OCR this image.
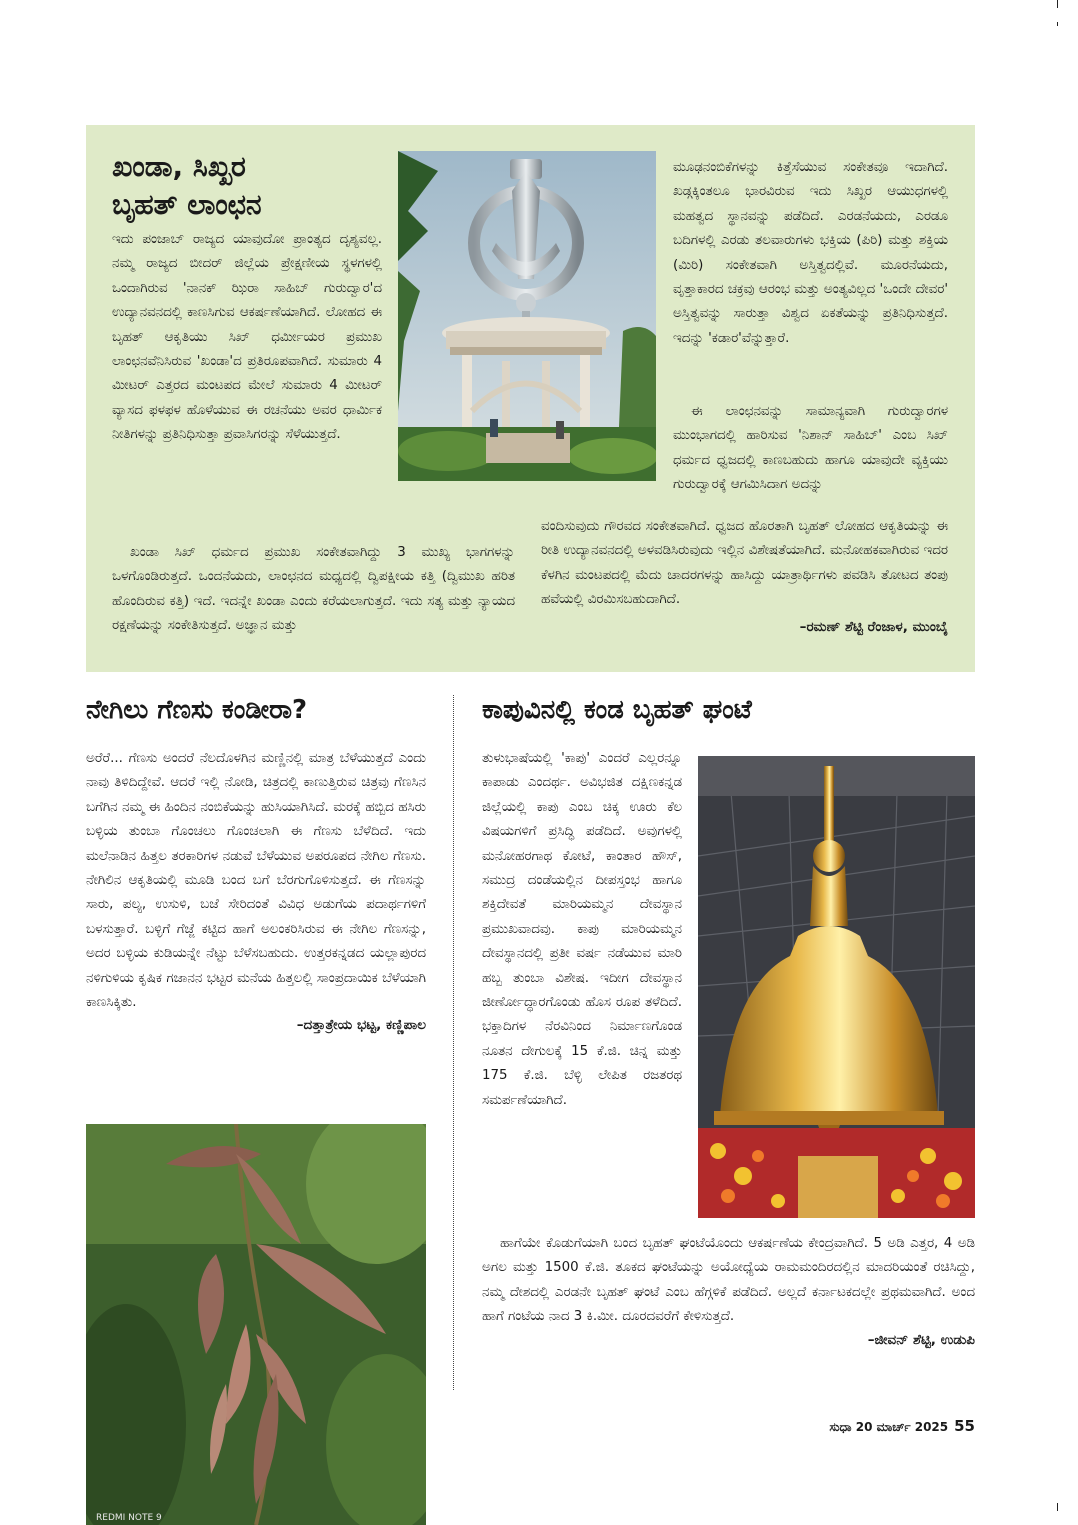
ಖಂಡಾ, ಸಿಖ್ಖರ
ಬೃಹತ್ ಲಾಂಛನ

ಇದು ಪಂಜಾಬ್ ರಾಜ್ಯದ ಯಾವುದೋ ಪ್ರಾಂತ್ಯದ ದೃಶ್ಯವಲ್ಲ. ನಮ್ಮ ರಾಜ್ಯದ ಬೀದರ್ ಜಿಲ್ಲೆಯ ಪ್ರೇಕ್ಷಣೀಯ ಸ್ಥಳಗಳಲ್ಲಿ ಒಂದಾಗಿರುವ 'ನಾನಕ್ ಝಿರಾ ಸಾಹಿಬ್ ಗುರುದ್ವಾರ'ದ ಉದ್ಯಾನವನದಲ್ಲಿ ಕಾಣಸಿಗುವ ಆಕರ್ಷಣೆಯಾಗಿದೆ. ಲೋಹದ ಈ ಬೃಹತ್ ಆಕೃತಿಯು ಸಿಖ್ ಧರ್ಮೀಯರ ಪ್ರಮುಖ ಲಾಂಛನವೆನಿಸಿರುವ 'ಖಂಡಾ'ದ ಪ್ರತಿರೂಪವಾಗಿದೆ. ಸುಮಾರು 4 ಮೀಟರ್ ಎತ್ತರದ ಮಂಟಪದ ಮೇಲೆ ಸುಮಾರು 4 ಮೀಟರ್ ವ್ಯಾಸದ ಫಳಫಳ ಹೊಳೆಯುವ ಈ ರಚನೆಯು ಅವರ ಧಾರ್ಮಿಕ ನೀತಿಗಳನ್ನು ಪ್ರತಿನಿಧಿಸುತ್ತಾ ಪ್ರವಾಸಿಗರನ್ನು ಸೆಳೆಯುತ್ತದೆ.

ಖಂಡಾ ಸಿಖ್ ಧರ್ಮದ ಪ್ರಮುಖ ಸಂಕೇತವಾಗಿದ್ದು 3 ಮುಖ್ಯ ಭಾಗಗಳನ್ನು ಒಳಗೊಂಡಿರುತ್ತದೆ. ಒಂದನೆಯದು, ಲಾಂಛನದ ಮಧ್ಯದಲ್ಲಿ ದ್ವಿಪಕ್ಷೀಯ ಕತ್ತಿ (ದ್ವಿಮುಖ ಹರಿತ ಹೊಂದಿರುವ ಕತ್ತಿ) ಇದೆ. ಇದನ್ನೇ ಖಂಡಾ ಎಂದು ಕರೆಯಲಾಗುತ್ತದೆ. ಇದು ಸತ್ಯ ಮತ್ತು ನ್ಯಾಯದ ರಕ್ಷಣೆಯನ್ನು ಸಂಕೇತಿಸುತ್ತದೆ. ಅಜ್ಞಾನ ಮತ್ತು

ಮೂಢನಂಬಿಕೆಗಳನ್ನು ಕಿತ್ತೆಸೆಯುವ ಸಂಕೇತವೂ ಇದಾಗಿದೆ. ಖಡ್ಗಕ್ಕಿಂತಲೂ ಭಾರವಿರುವ ಇದು ಸಿಖ್ಖರ ಆಯುಧಗಳಲ್ಲಿ ಮಹತ್ವದ ಸ್ಥಾನವನ್ನು ಪಡೆದಿದೆ. ಎರಡನೆಯದು, ಎರಡೂ ಬದಿಗಳಲ್ಲಿ ಎರಡು ತಲವಾರುಗಳು ಭಕ್ತಿಯ (ಪಿರಿ) ಮತ್ತು ಶಕ್ತಿಯ (ಮಿರಿ) ಸಂಕೇತವಾಗಿ ಅಸ್ತಿತ್ವದಲ್ಲಿವೆ. ಮೂರನೆಯದು, ವೃತ್ತಾಕಾರದ ಚಕ್ರವು ಆರಂಭ ಮತ್ತು ಅಂತ್ಯವಿಲ್ಲದ 'ಒಂದೇ ದೇವರ' ಅಸ್ತಿತ್ವವನ್ನು ಸಾರುತ್ತಾ ವಿಶ್ವದ ಏಕತೆಯನ್ನು ಪ್ರತಿನಿಧಿಸುತ್ತದೆ. ಇದನ್ನು 'ಕಡಾರ'ವೆನ್ನುತ್ತಾರೆ.

ಈ ಲಾಂಛನವನ್ನು ಸಾಮಾನ್ಯವಾಗಿ ಗುರುದ್ವಾರಗಳ ಮುಂಭಾಗದಲ್ಲಿ ಹಾರಿಸುವ 'ನಿಶಾನ್ ಸಾಹಿಬ್' ಎಂಬ ಸಿಖ್ ಧರ್ಮದ ಧ್ವಜದಲ್ಲಿ ಕಾಣಬಹುದು ಹಾಗೂ ಯಾವುದೇ ವ್ಯಕ್ತಿಯು ಗುರುದ್ವಾರಕ್ಕೆ ಆಗಮಿಸಿದಾಗ ಅದನ್ನು

ವಂದಿಸುವುದು ಗೌರವದ ಸಂಕೇತವಾಗಿದೆ. ಧ್ವಜದ ಹೊರತಾಗಿ ಬೃಹತ್ ಲೋಹದ ಆಕೃತಿಯನ್ನು ಈ ರೀತಿ ಉದ್ಯಾನವನದಲ್ಲಿ ಅಳವಡಿಸಿರುವುದು ಇಲ್ಲಿನ ವಿಶೇಷತೆಯಾಗಿದೆ. ಮನೋಹಕವಾಗಿರುವ ಇದರ ಕೆಳಗಿನ ಮಂಟಪದಲ್ಲಿ ಮೆದು ಚಾದರಗಳನ್ನು ಹಾಸಿದ್ದು ಯಾತ್ರಾರ್ಥಿಗಳು ಪವಡಿಸಿ ತೋಟದ ತಂಪು ಹವೆಯಲ್ಲಿ ವಿರಮಿಸಬಹುದಾಗಿದೆ.

–ರಮಣ್ ಶೆಟ್ಟಿ ರೆಂಜಾಳ, ಮುಂಬೈ

ನೇಗಿಲು ಗೆಣಸು ಕಂಡೀರಾ?

ಅರೆರೆ... ಗೆಣಸು ಅಂದರೆ ನೆಲದೊಳಗಿನ ಮಣ್ಣಿನಲ್ಲಿ ಮಾತ್ರ ಬೆಳೆಯುತ್ತದೆ ಎಂದು ನಾವು ತಿಳಿದಿದ್ದೇವೆ. ಆದರೆ ಇಲ್ಲಿ ನೋಡಿ, ಚಿತ್ರದಲ್ಲಿ ಕಾಣುತ್ತಿರುವ ಚಿತ್ರವು ಗೆಣಸಿನ ಬಗೆಗಿನ ನಮ್ಮ ಈ ಹಿಂದಿನ ನಂಬಿಕೆಯನ್ನು ಹುಸಿಯಾಗಿಸಿದೆ. ಮರಕ್ಕೆ ಹಬ್ಬಿದ ಹಸಿರು ಬಳ್ಳಿಯ ತುಂಬಾ ಗೊಂಚಲು ಗೊಂಚಲಾಗಿ ಈ ಗೆಣಸು ಬೆಳೆದಿದೆ. ಇದು ಮಲೆನಾಡಿನ ಹಿತ್ತಲ ತರಕಾರಿಗಳ ನಡುವೆ ಬೆಳೆಯುವ ಅಪರೂಪದ ನೇಗಿಲ ಗೆಣಸು. ನೇಗಿಲಿನ ಆಕೃತಿಯಲ್ಲಿ ಮೂಡಿ ಬಂದ ಬಗೆ ಬೆರಗುಗೊಳಿಸುತ್ತದೆ. ಈ ಗೆಣಸನ್ನು ಸಾರು, ಪಲ್ಯ, ಉಸುಳಿ, ಬಜೆ ಸೇರಿದಂತೆ ವಿವಿಧ ಅಡುಗೆಯ ಪದಾರ್ಥಗಳಿಗೆ ಬಳಸುತ್ತಾರೆ. ಬಳ್ಳಿಗೆ ಗೆಜ್ಜೆ ಕಟ್ಟಿದ ಹಾಗೆ ಅಲಂಕರಿಸಿರುವ ಈ ನೇಗಿಲ ಗೆಣಸನ್ನು, ಅದರ ಬಳ್ಳಿಯ ಕುಡಿಯನ್ನೇ ನೆಟ್ಟು ಬೆಳೆಸಬಹುದು. ಉತ್ತರಕನ್ನಡದ ಯಲ್ಲಾಪುರದ ನಳಿಗುಳಿಯ ಕೃಷಿಕ ಗಜಾನನ ಭಟ್ಟರ ಮನೆಯ ಹಿತ್ತಲಲ್ಲಿ ಸಾಂಪ್ರದಾಯಿಕ ಬೆಳೆಯಾಗಿ ಕಾಣಸಿಕ್ಕಿತು.

–ದತ್ತಾತ್ರೇಯ ಭಟ್ಟ, ಕಣ್ಣಿಪಾಲ

REDMI NOTE 9
ಕಾಪುವಿನಲ್ಲಿ ಕಂಡ ಬೃಹತ್ ಘಂಟೆ

ತುಳುಭಾಷೆಯಲ್ಲಿ 'ಕಾಪು' ಎಂದರೆ ಎಲ್ಲರನ್ನೂ ಕಾಪಾಡು ಎಂದರ್ಥ. ಅವಿಭಜಿತ ದಕ್ಷಿಣಕನ್ನಡ ಜಿಲ್ಲೆಯಲ್ಲಿ ಕಾಪು ಎಂಬ ಚಿಕ್ಕ ಊರು ಕೆಲ ವಿಷಯಗಳಿಗೆ ಪ್ರಸಿದ್ಧಿ ಪಡೆದಿದೆ. ಅವುಗಳಲ್ಲಿ ಮನೋಹರಗಾಥ ಕೋಟೆ, ಕಾಂತಾರ ಹೌಸ್, ಸಮುದ್ರ ದಂಡೆಯಲ್ಲಿನ ದೀಪಸ್ತಂಭ ಹಾಗೂ ಶಕ್ತಿದೇವತೆ ಮಾರಿಯಮ್ಮನ ದೇವಸ್ಥಾನ ಪ್ರಮುಖವಾದವು. ಕಾಪು ಮಾರಿಯಮ್ಮನ ದೇವಸ್ಥಾನದಲ್ಲಿ ಪ್ರತೀ ವರ್ಷ ನಡೆಯುವ ಮಾರಿ ಹಬ್ಬ ತುಂಬಾ ವಿಶೇಷ. ಇದೀಗ ದೇವಸ್ಥಾನ ಜೀರ್ಣೋದ್ಧಾರಗೊಂಡು ಹೊಸ ರೂಪ ತಳೆದಿದೆ. ಭಕ್ತಾದಿಗಳ ನೆರವಿನಿಂದ ನಿರ್ಮಾಣಗೊಂಡ ನೂತನ ದೇಗುಲಕ್ಕೆ 15 ಕೆ.ಜಿ. ಚಿನ್ನ ಮತ್ತು 175 ಕೆ.ಜಿ. ಬೆಳ್ಳಿ ಲೇಪಿತ ರಜತರಥ ಸಮರ್ಪಣೆಯಾಗಿದೆ.

ಹಾಗೆಯೇ ಕೊಡುಗೆಯಾಗಿ ಬಂದ ಬೃಹತ್ ಘಂಟೆಯೊಂದು ಆಕರ್ಷಣೆಯ ಕೇಂದ್ರವಾಗಿದೆ. 5 ಅಡಿ ಎತ್ತರ, 4 ಅಡಿ ಅಗಲ ಮತ್ತು 1500 ಕೆ.ಜಿ. ತೂಕದ ಘಂಟೆಯನ್ನು ಅಯೋಧ್ಯೆಯ ರಾಮಮಂದಿರದಲ್ಲಿನ ಮಾದರಿಯಂತೆ ರಚಿಸಿದ್ದು, ನಮ್ಮ ದೇಶದಲ್ಲಿ ಎರಡನೇ ಬೃಹತ್ ಘಂಟೆ ಎಂಬ ಹೆಗ್ಗಳಿಕೆ ಪಡೆದಿದೆ. ಅಲ್ಲದೆ ಕರ್ನಾಟಕದಲ್ಲೇ ಪ್ರಥಮವಾಗಿದೆ. ಅಂದ ಹಾಗೆ ಗಂಟೆಯ ನಾದ 3 ಕಿ.ಮೀ. ದೂರದವರೆಗೆ ಕೇಳಿಸುತ್ತದೆ.

–ಜೀವನ್ ಶೆಟ್ಟಿ, ಉಡುಪಿ

ಸುಧಾ 20 ಮಾರ್ಚ್ 2025 55
